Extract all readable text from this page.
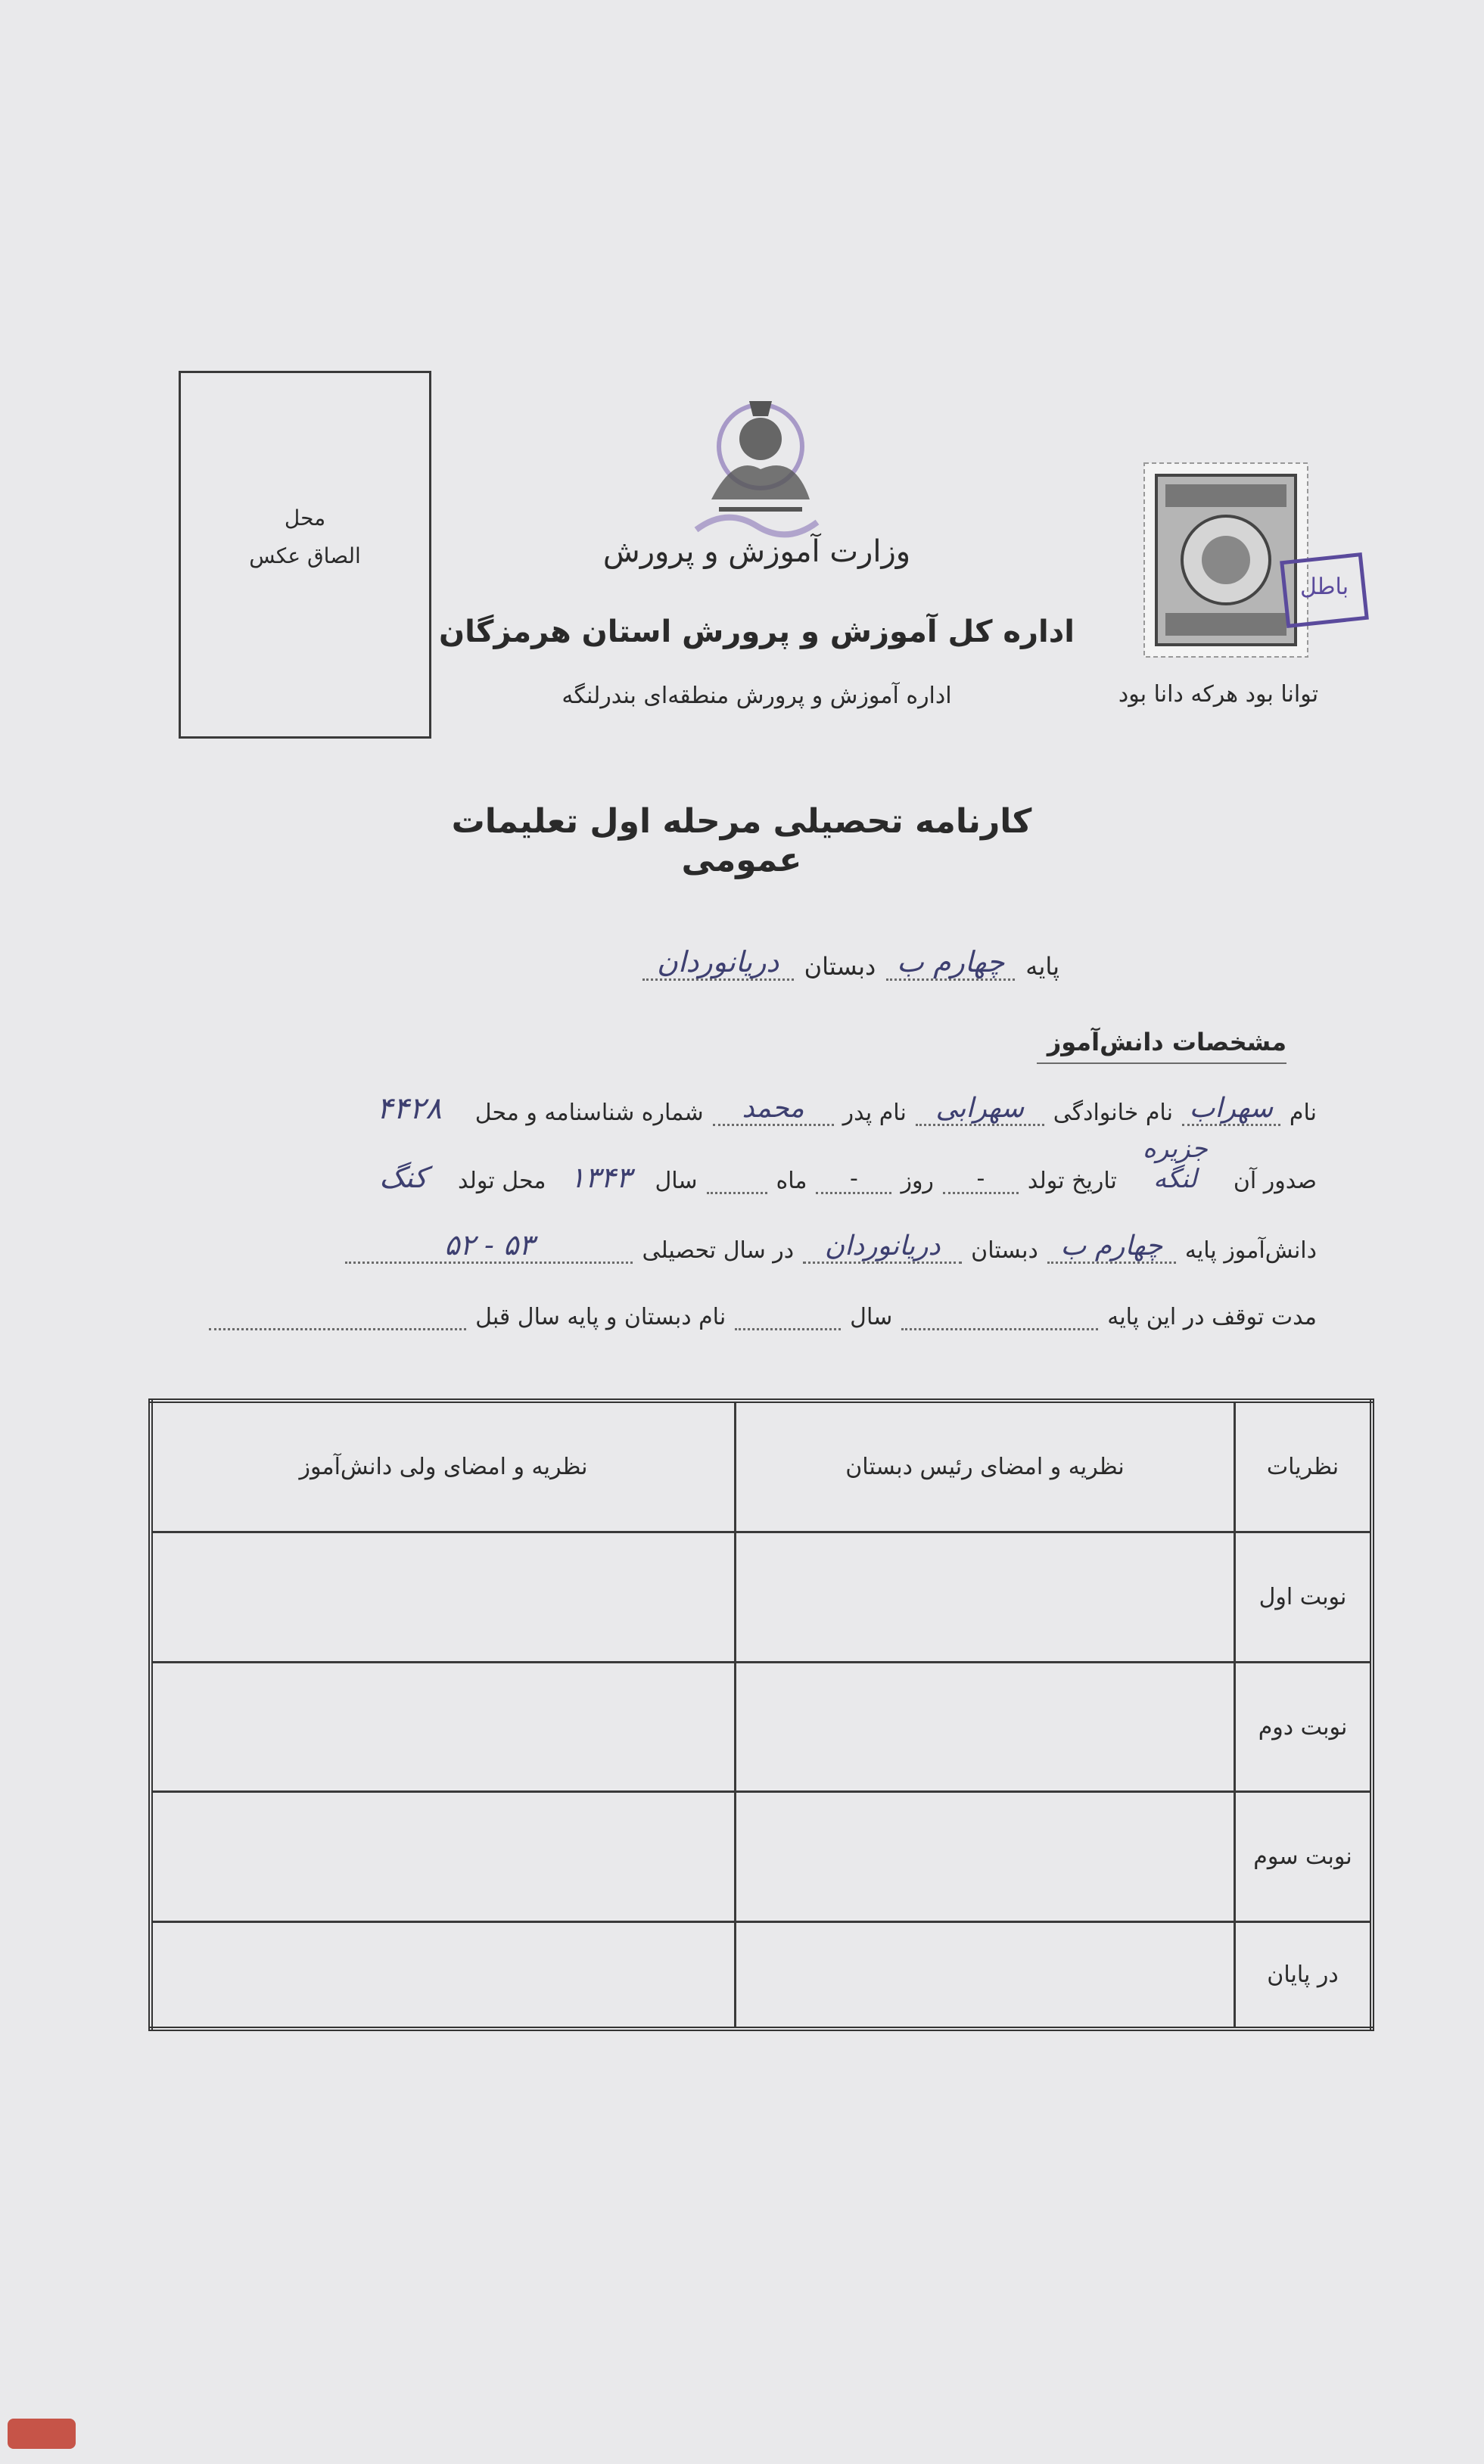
محل
الصاق عکس
باطل
وزارت آموزش و پرورش
اداره کل آموزش و پرورش استان هرمزگان
اداره آموزش و پرورش منطقه‌ای بندرلنگه	توانا بود هرکه دانا بود
کارنامه تحصیلی مرحله اول تعلیمات عمومی
پایه
چهارم ب
دبستان
دریانوردان
مشخصات دانش‌آموز
نام
سهراب
نام خانوادگی
سهرابی
نام پدر
محمد
شماره شناسنامه و محل
۴۴۲۸
صدور آن
جزیره لنگه
تاریخ تولد
-
روز
-
ماه
سال
۱۳۴۳
محل تولد
کنگ
دانش‌آموز پایه
چهارم ب
دبستان
دریانوردان
در سال تحصیلی
۵۳ - ۵۲
مدت توقف در این پایه
سال
نام دبستان و پایه سال قبل
نظریات	نظریه و امضای رئیس دبستان	نظریه و امضای ولی دانش‌آموز
نوبت اول		
نوبت دوم		
نوبت سوم		
در پایان		
